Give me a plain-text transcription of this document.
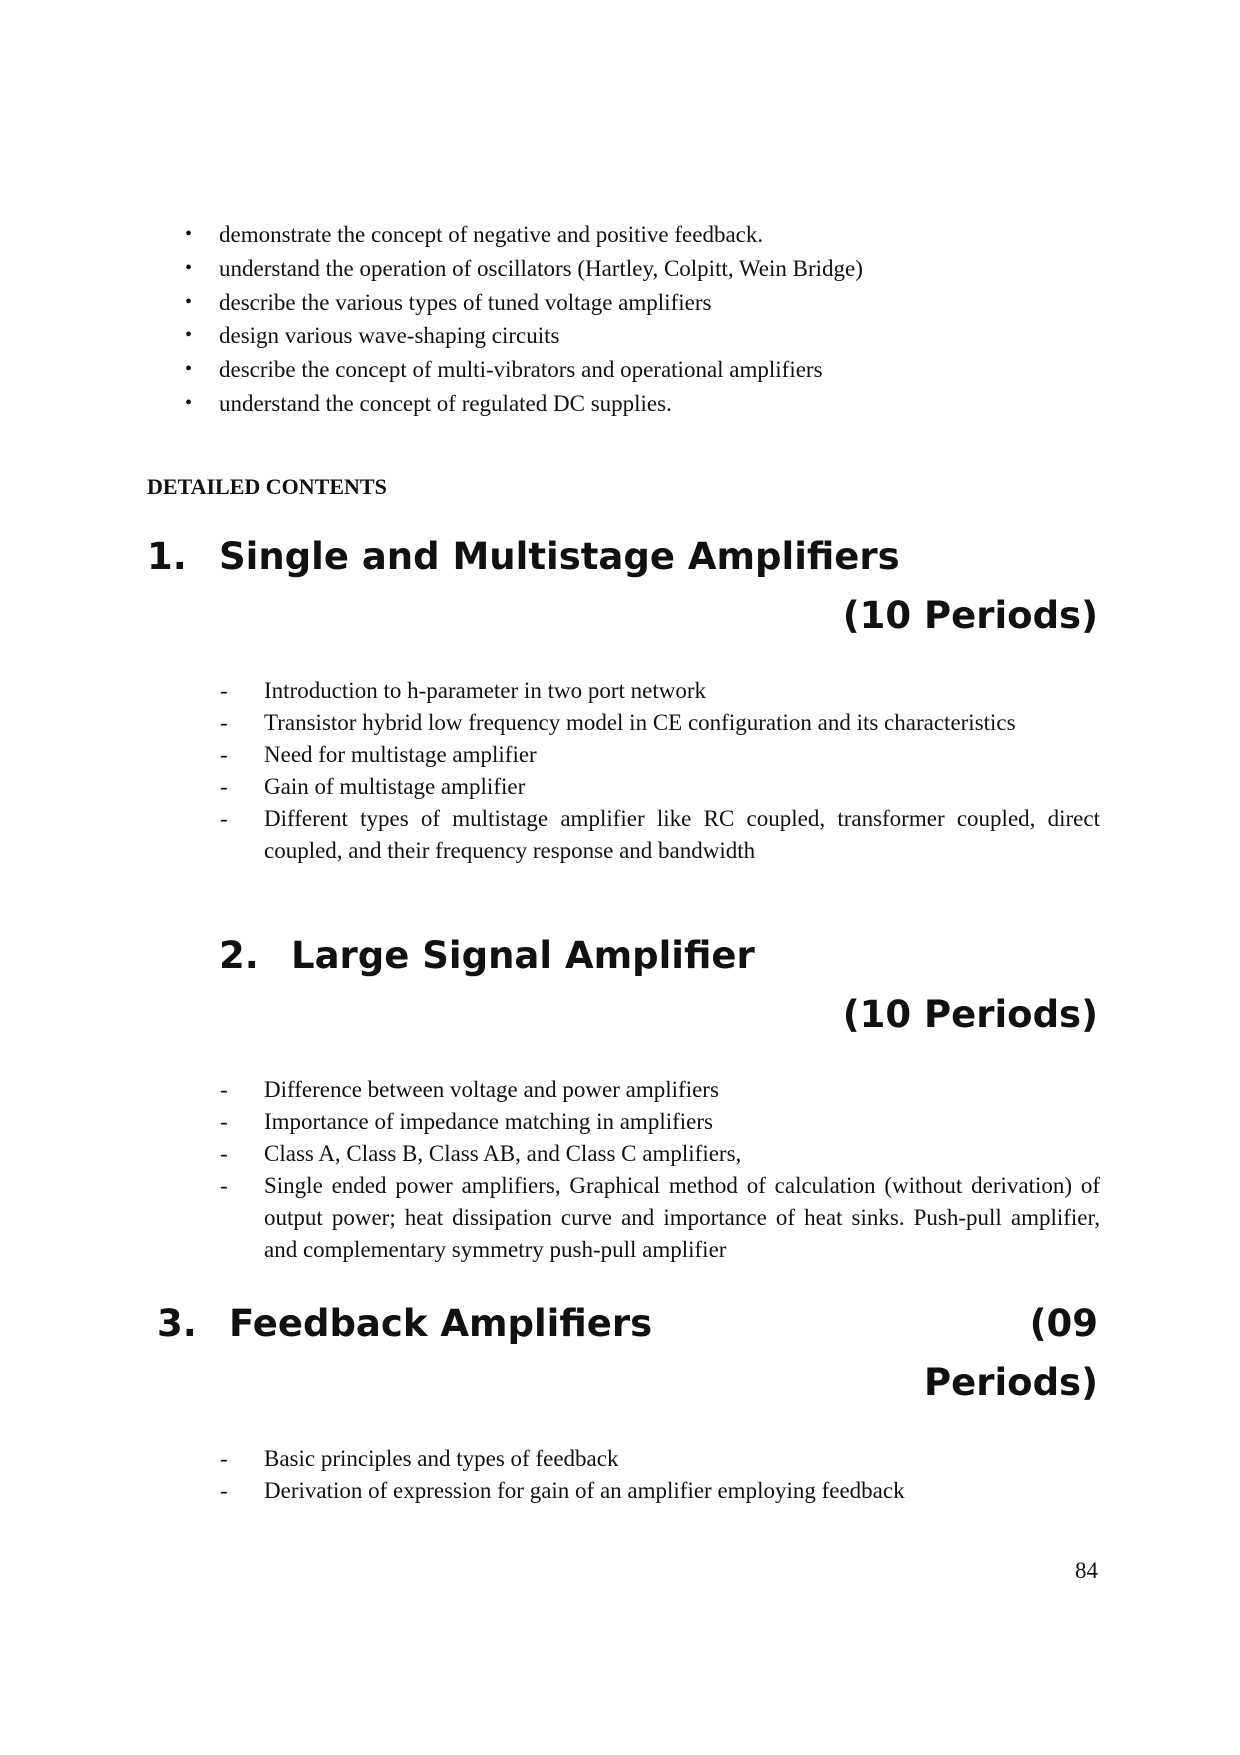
• demonstrate the concept of negative and positive feedback.
• understand the operation of oscillators (Hartley, Colpitt, Wein Bridge)
• describe the various types of tuned voltage amplifiers
• design various wave-shaping circuits
• describe the concept of multi-vibrators and operational amplifiers
• understand the concept of regulated DC supplies.
DETAILED CONTENTS
1. Single and Multistage Amplifiers
(10 Periods)
- Introduction to h-parameter in two port network
- Transistor hybrid low frequency model in CE configuration and its characteristics
- Need for multistage amplifier
- Gain of multistage amplifier
- Different types of multistage amplifier like RC coupled, transformer coupled, direct coupled, and their frequency response and bandwidth
2. Large Signal Amplifier
(10 Periods)
- Difference between voltage and power amplifiers
- Importance of impedance matching in amplifiers
- Class A, Class B, Class AB, and Class C amplifiers,
- Single ended power amplifiers, Graphical method of calculation (without derivation) of output power; heat dissipation curve and importance of heat sinks. Push-pull amplifier, and complementary symmetry push-pull amplifier
3. Feedback Amplifiers	(09
Periods)
- Basic principles and types of feedback
- Derivation of expression for gain of an amplifier employing feedback
84
